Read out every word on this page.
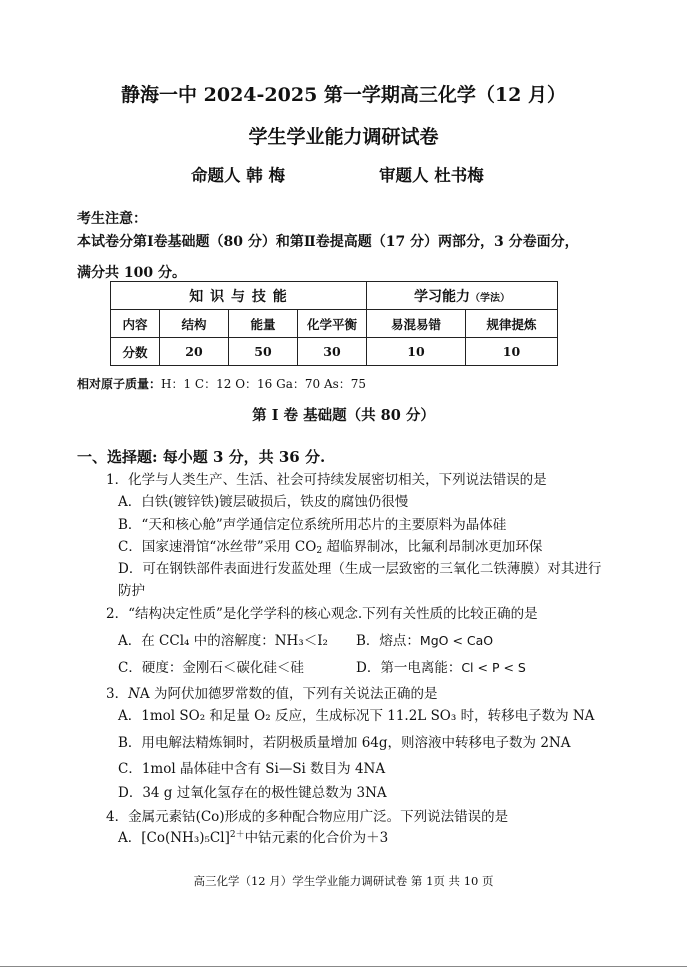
静海一中 2024-2025 第一学期高三化学（12 月）
学生学业能力调研试卷
命题人 韩 梅	审题人 杜书梅
考生注意：
本试卷分第Ⅰ卷基础题（80 分）和第Ⅱ卷提高题（17 分）两部分，3 分卷面分，
满分共 100 分。
知 识 与 技 能				学习能力（学法）	
内容	结构	能量	化学平衡	易混易错	规律提炼
分数	20	50	30	10	10
相对原子质量：H：1 C：12 O：16 Ga：70 As：75
第 I 卷 基础题（共 80 分）
一、选择题: 每小题 3 分，共 36 分.
1．化学与人类生产、生活、社会可持续发展密切相关，下列说法错误的是
A．白铁(镀锌铁)镀层破损后，铁皮的腐蚀仍很慢
B．“天和核心舱”声学通信定位系统所用芯片的主要原料为晶体硅
C．国家速滑馆“冰丝带”采用 $CO_2$ 超临界制冰，比氟利昂制冰更加环保
D．可在钢铁部件表面进行发蓝处理（生成一层致密的三氧化二铁薄膜）对其进行
防护
2．“结构决定性质”是化学学科的核心观念.下列有关性质的比较正确的是
A．在 CCl₄ 中的溶解度：NH₃＜I₂ B．熔点：MgO < CaO
C．硬度：金刚石＜碳化硅＜硅	D．第一电离能：Cl < P < S
3．NA 为阿伏加德罗常数的值，下列有关说法正确的是
A．1mol SO₂ 和足量 O₂ 反应，生成标况下 11.2L SO₃ 时，转移电子数为 NA
B．用电解法精炼铜时，若阴极质量增加 64g，则溶液中转移电子数为 2NA
C．1mol 晶体硅中含有 Si—Si 数目为 4NA
D．34 g 过氧化氢存在的极性键总数为 3NA
4．金属元素钴(Co)形成的多种配合物应用广泛。下列说法错误的是
A．$[Co(NH_3)_5Cl]^{2+}$中钴元素的化合价为＋3
高三化学（12 月）学生学业能力调研试卷 第 1页 共 10 页
